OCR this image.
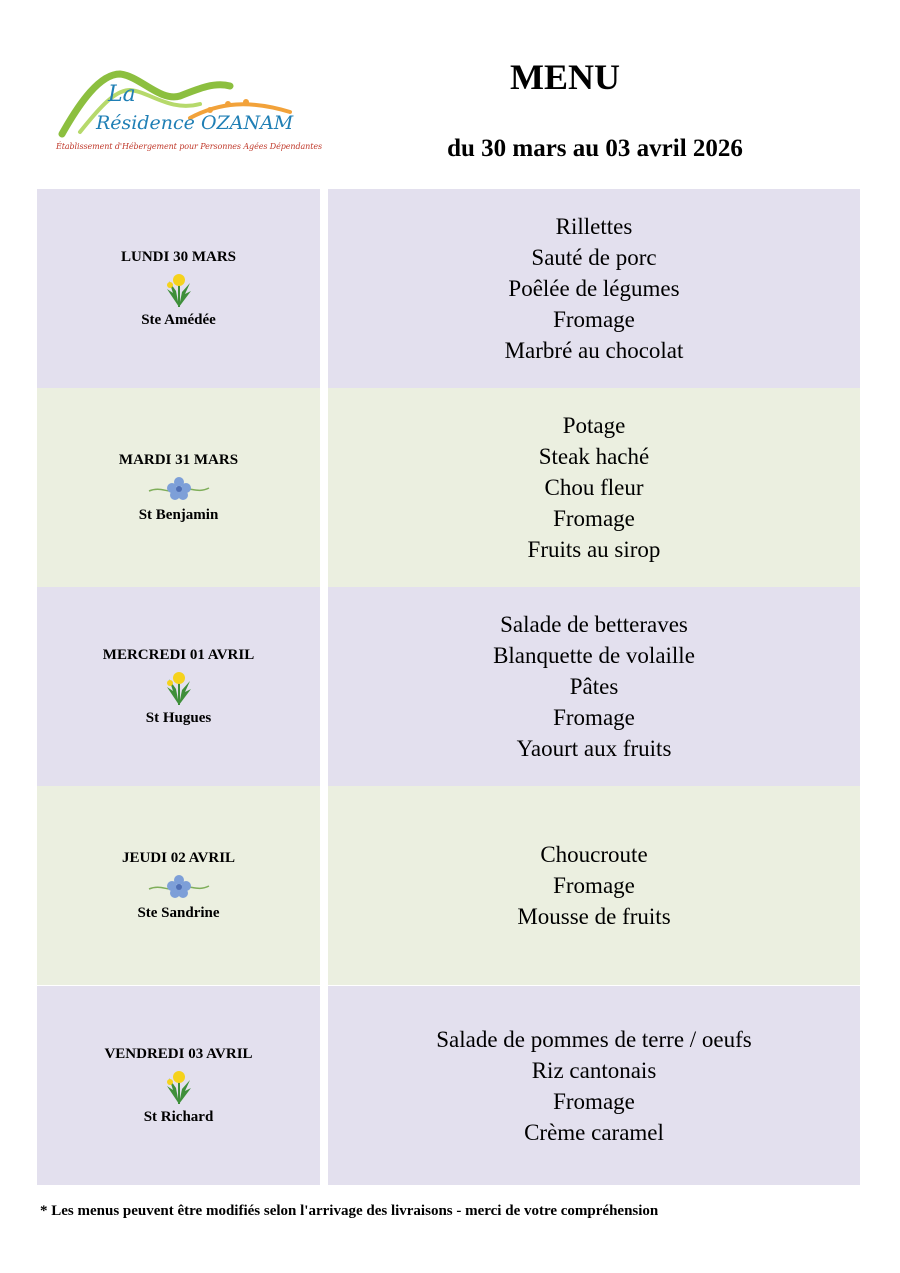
La
Résidence OZANAM
Établissement d'Hébergement pour Personnes Agées Dépendantes
MENU
du 30 mars au 03 avril 2026
LUNDI 30 MARS
Ste Amédée
Rillettes
Sauté de porc
Poêlée de légumes
Fromage
Marbré au chocolat
MARDI 31 MARS
St Benjamin
Potage
Steak haché
Chou fleur
Fromage
Fruits au sirop
MERCREDI 01 AVRIL
St Hugues
Salade de betteraves
Blanquette de volaille
Pâtes
Fromage
Yaourt aux fruits
JEUDI 02 AVRIL
Ste Sandrine
Choucroute
Fromage
Mousse de fruits
VENDREDI 03 AVRIL
St Richard
Salade de pommes de terre / oeufs
Riz cantonais
Fromage
Crème caramel
* Les menus peuvent être modifiés selon l'arrivage des livraisons - merci de votre compréhension
